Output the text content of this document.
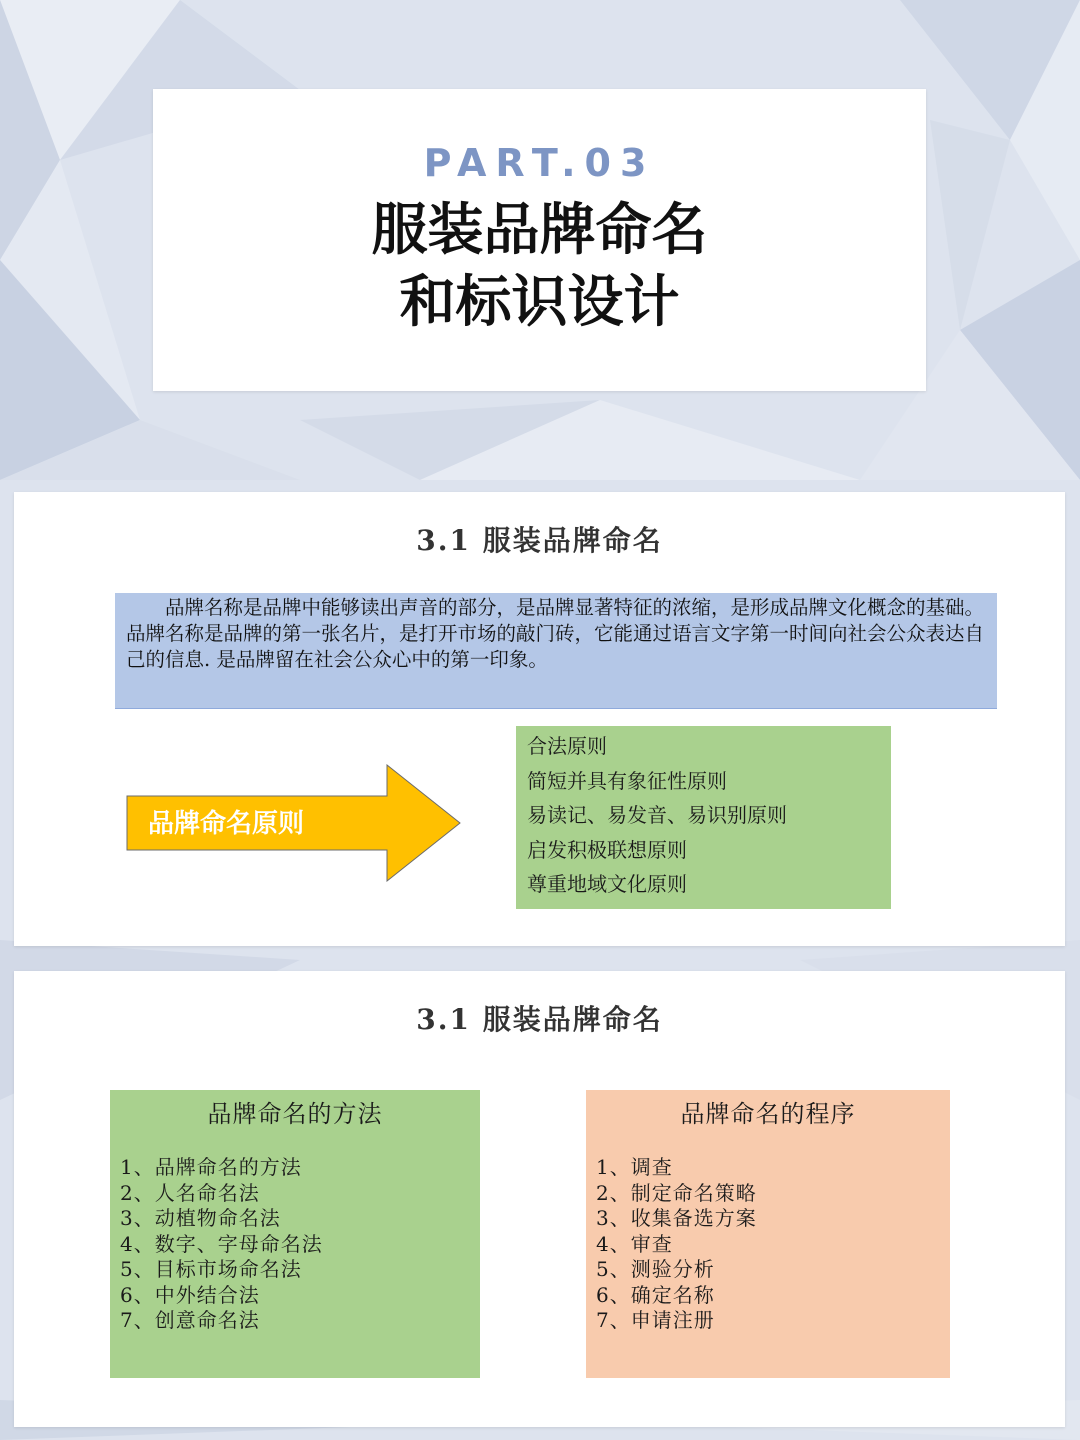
PART.03
服装品牌命名
和标识设计
3.1 服装品牌命名
品牌名称是品牌中能够读出声音的部分，是品牌显著特征的浓缩，是形成品牌文化概念的基础。品牌名称是品牌的第一张名片，是打开市场的敲门砖，它能通过语言文字第一时间向社会公众表达自己的信息. 是品牌留在社会公众心中的第一印象。
品牌命名原则
合法原则
简短并具有象征性原则
易读记、易发音、易识别原则
启发积极联想原则
尊重地域文化原则
3.1 服装品牌命名
品牌命名的方法
1、品牌命名的方法
2、人名命名法
3、动植物命名法
4、数字、字母命名法
5、目标市场命名法
6、中外结合法
7、创意命名法
品牌命名的程序
1、调查
2、制定命名策略
3、收集备选方案
4、审查
5、测验分析
6、确定名称
7、申请注册
